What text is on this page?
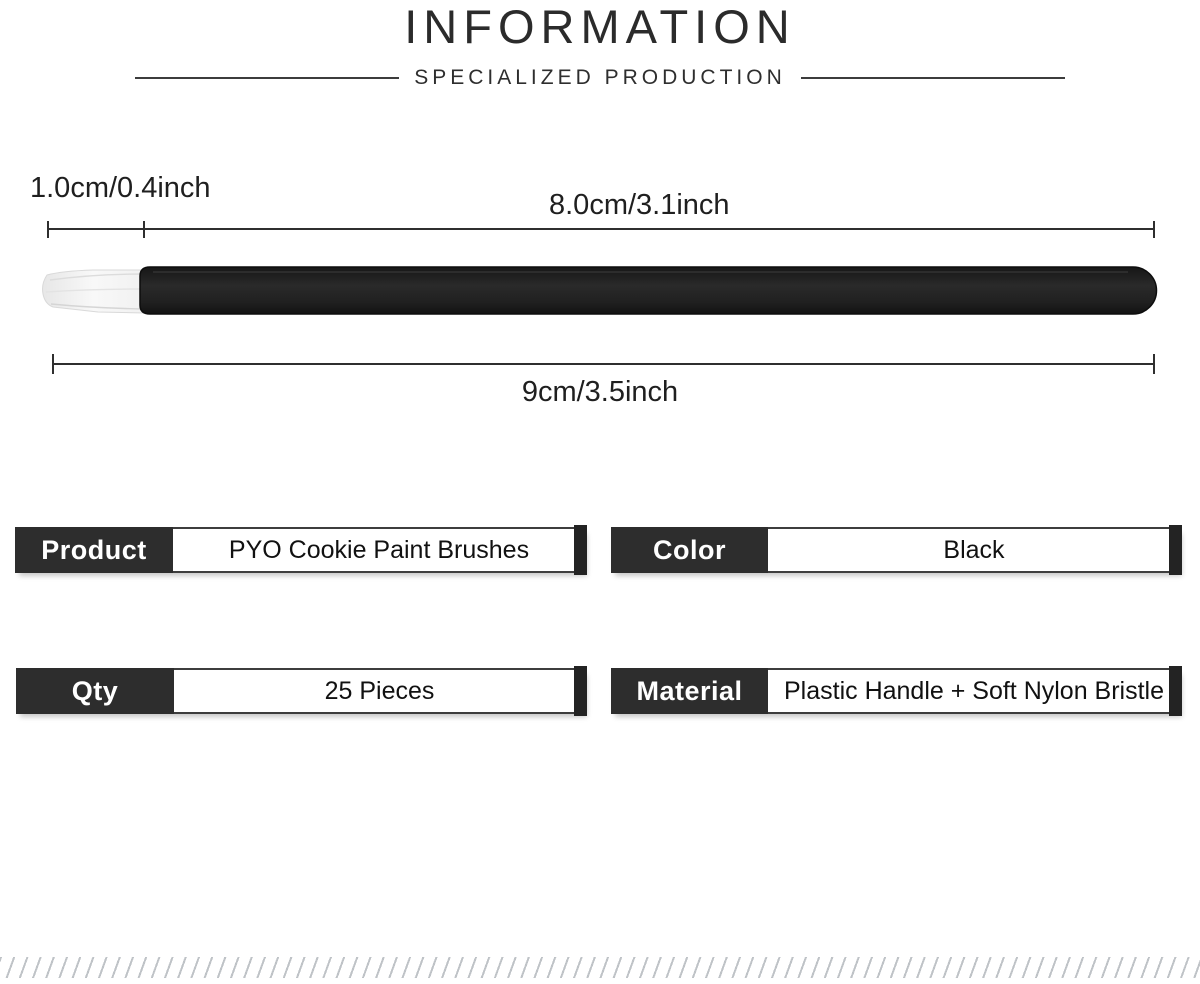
INFORMATION
SPECIALIZED PRODUCTION
1.0cm/0.4inch
8.0cm/3.1inch
9cm/3.5inch
Product	PYO Cookie Paint Brushes	Color	Black
Qty	25 Pieces	Material	Plastic Handle + Soft Nylon Bristle
